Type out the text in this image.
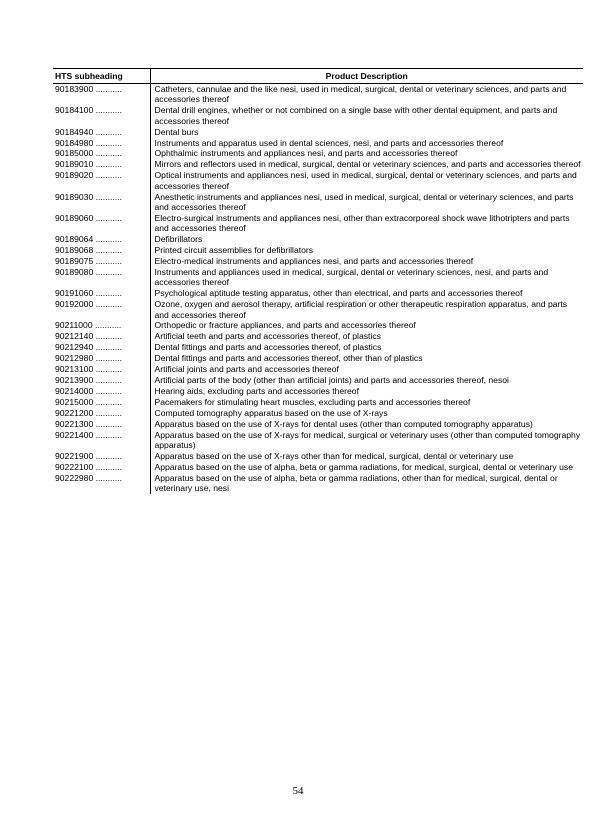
HTS subheading	Product Description
90183900 ...........	Catheters, cannulae and the like nesi, used in medical, surgical, dental or veterinary sciences, and parts and accessories thereof
90184100 ...........	Dental drill engines, whether or not combined on a single base with other dental equipment, and parts and accessories thereof
90184940 ...........	Dental burs
90184980 ...........	Instruments and apparatus used in dental sciences, nesi, and parts and accessories thereof
90185000 ...........	Ophthalmic instruments and appliances nesi, and parts and accessories thereof
90189010 ...........	Mirrors and reflectors used in medical, surgical, dental or veterinary sciences, and parts and accessories thereof
90189020 ...........	Optical instruments and appliances nesi, used in medical, surgical, dental or veterinary sciences, and parts and accessories thereof
90189030 ...........	Anesthetic instruments and appliances nesi, used in medical, surgical, dental or veterinary sciences, and parts and accessories thereof
90189060 ...........	Electro-surgical instruments and appliances nesi, other than extracorporeal shock wave lithotripters and parts and accessories thereof
90189064 ...........	Defibrillators
90189068 ...........	Printed circuit assemblies for defibrillators
90189075 ...........	Electro-medical instruments and appliances nesi, and parts and accessories thereof
90189080 ...........	Instruments and appliances used in medical, surgical, dental or veterinary sciences, nesi, and parts and accessories thereof
90191060 ...........	Psychological aptitude testing apparatus, other than electrical, and parts and accessories thereof
90192000 ...........	Ozone, oxygen and aerosol therapy, artificial respiration or other therapeutic respiration apparatus, and parts and accessories thereof
90211000 ...........	Orthopedic or fracture appliances, and parts and accessories thereof
90212140 ...........	Artificial teeth and parts and accessories thereof, of plastics
90212940 ...........	Dental fittings and parts and accessories thereof, of plastics
90212980 ...........	Dental fittings and parts and accessories thereof, other than of plastics
90213100 ...........	Artificial joints and parts and accessories thereof
90213900 ...........	Artificial parts of the body (other than artificial joints) and parts and accessories thereof, nesoi
90214000 ...........	Hearing aids, excluding parts and accessories thereof
90215000 ...........	Pacemakers for stimulating heart muscles, excluding parts and accessories thereof
90221200 ...........	Computed tomography apparatus based on the use of X-rays
90221300 ...........	Apparatus based on the use of X-rays for dental uses (other than computed tomography apparatus)
90221400 ...........	Apparatus based on the use of X-rays for medical, surgical or veterinary uses (other than computed tomography apparatus)
90221900 ...........	Apparatus based on the use of X-rays other than for medical, surgical, dental or veterinary use
90222100 ...........	Apparatus based on the use of alpha, beta or gamma radiations, for medical, surgical, dental or veterinary use
90222980 ...........	Apparatus based on the use of alpha, beta or gamma radiations, other than for medical, surgical, dental or veterinary use, nesi
54
